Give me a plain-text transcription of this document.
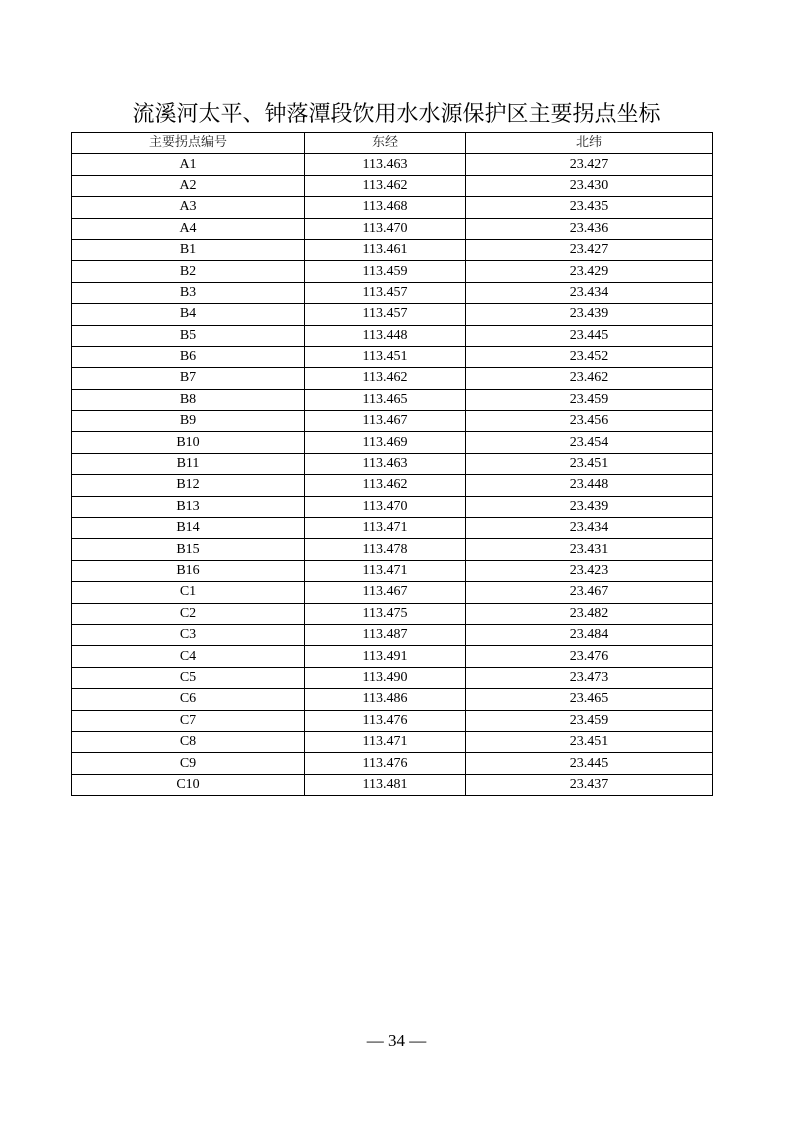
流溪河太平、钟落潭段饮用水水源保护区主要拐点坐标
主要拐点编号	东经	北纬
A1	113.463	23.427
A2	113.462	23.430
A3	113.468	23.435
A4	113.470	23.436
B1	113.461	23.427
B2	113.459	23.429
B3	113.457	23.434
B4	113.457	23.439
B5	113.448	23.445
B6	113.451	23.452
B7	113.462	23.462
B8	113.465	23.459
B9	113.467	23.456
B10	113.469	23.454
B11	113.463	23.451
B12	113.462	23.448
B13	113.470	23.439
B14	113.471	23.434
B15	113.478	23.431
B16	113.471	23.423
C1	113.467	23.467
C2	113.475	23.482
C3	113.487	23.484
C4	113.491	23.476
C5	113.490	23.473
C6	113.486	23.465
C7	113.476	23.459
C8	113.471	23.451
C9	113.476	23.445
C10	113.481	23.437
— 34 —
